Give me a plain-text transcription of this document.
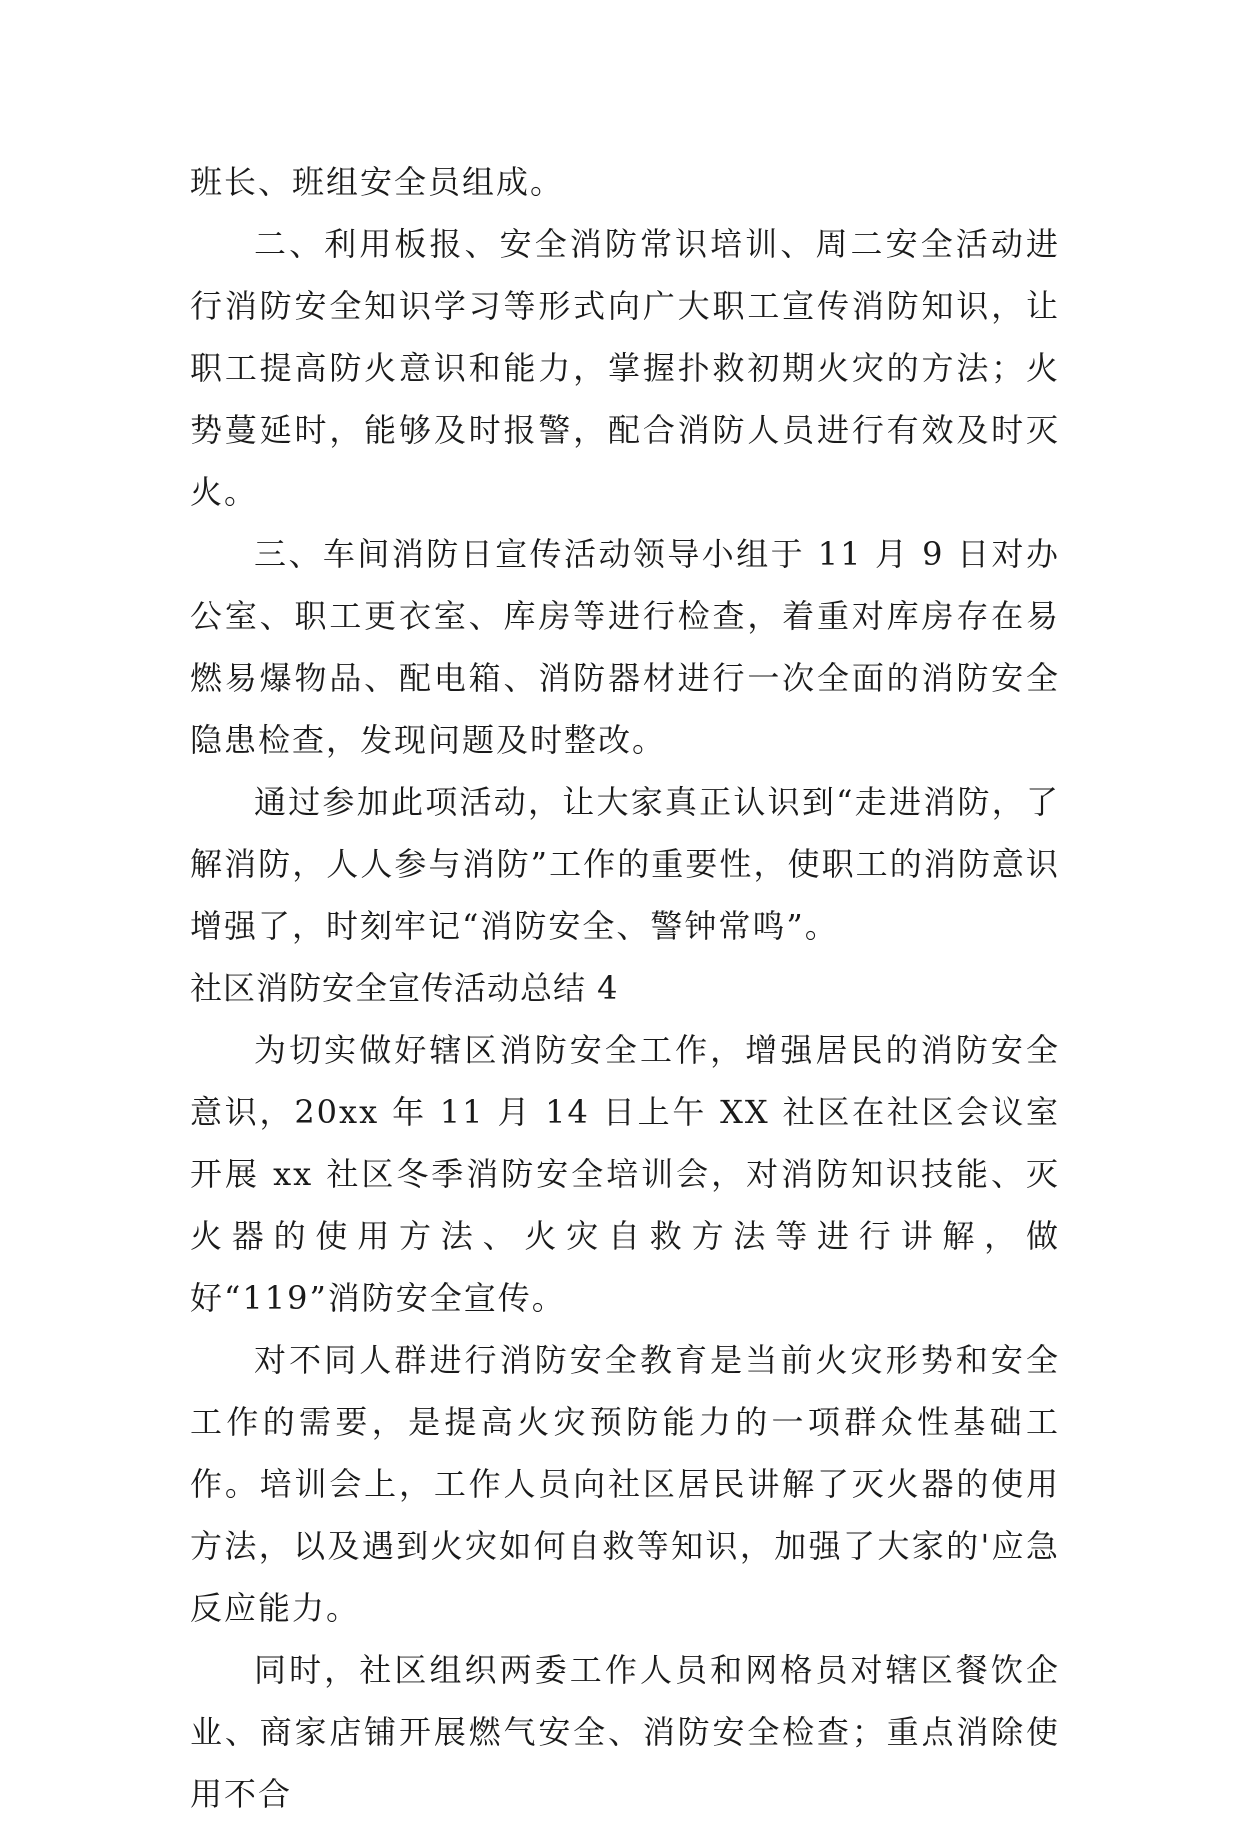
班长、班组安全员组成。

二、利用板报、安全消防常识培训、周二安全活动进行消防安全知识学习等形式向广大职工宣传消防知识，让职工提高防火意识和能力，掌握扑救初期火灾的方法；火势蔓延时，能够及时报警，配合消防人员进行有效及时灭火。

三、车间消防日宣传活动领导小组于 11 月 9 日对办公室、职工更衣室、库房等进行检查，着重对库房存在易燃易爆物品、配电箱、消防器材进行一次全面的消防安全隐患检查，发现问题及时整改。

通过参加此项活动，让大家真正认识到“走进消防，了解消防，人人参与消防”工作的重要性，使职工的消防意识增强了，时刻牢记“消防安全、警钟常鸣”。

社区消防安全宣传活动总结 4

为切实做好辖区消防安全工作，增强居民的消防安全意识，20xx 年 11 月 14 日上午 XX 社区在社区会议室开展 xx 社区冬季消防安全培训会，对消防知识技能、灭火器的使用方法、火灾自救方法等进行讲解，做好“119”消防安全宣传。

对不同人群进行消防安全教育是当前火灾形势和安全工作的需要，是提高火灾预防能力的一项群众性基础工作。培训会上，工作人员向社区居民讲解了灭火器的使用方法，以及遇到火灾如何自救等知识，加强了大家的'应急反应能力。

同时，社区组织两委工作人员和网格员对辖区餐饮企业、商家店铺开展燃气安全、消防安全检查；重点消除使用不合
